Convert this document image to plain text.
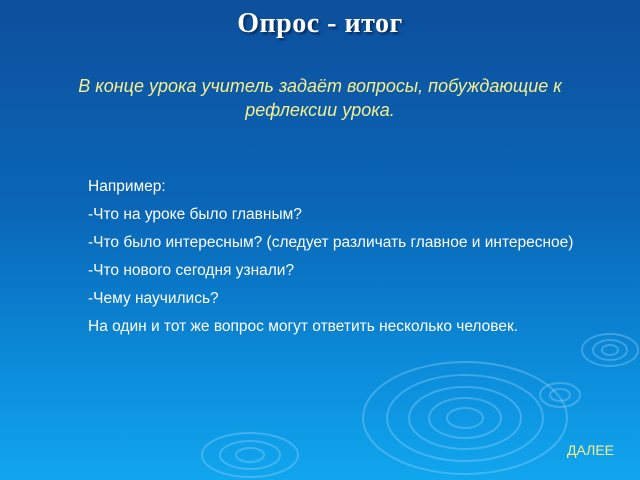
Опрос - итог
В конце урока учитель задаёт вопросы, побуждающие к рефлексии урока.

Например:

-Что на уроке было главным?

-Что было интересным? (следует различать главное и интересное)

-Что нового сегодня узнали?

-Чему научились?

На один и тот же вопрос могут ответить несколько человек.

ДАЛЕЕ
